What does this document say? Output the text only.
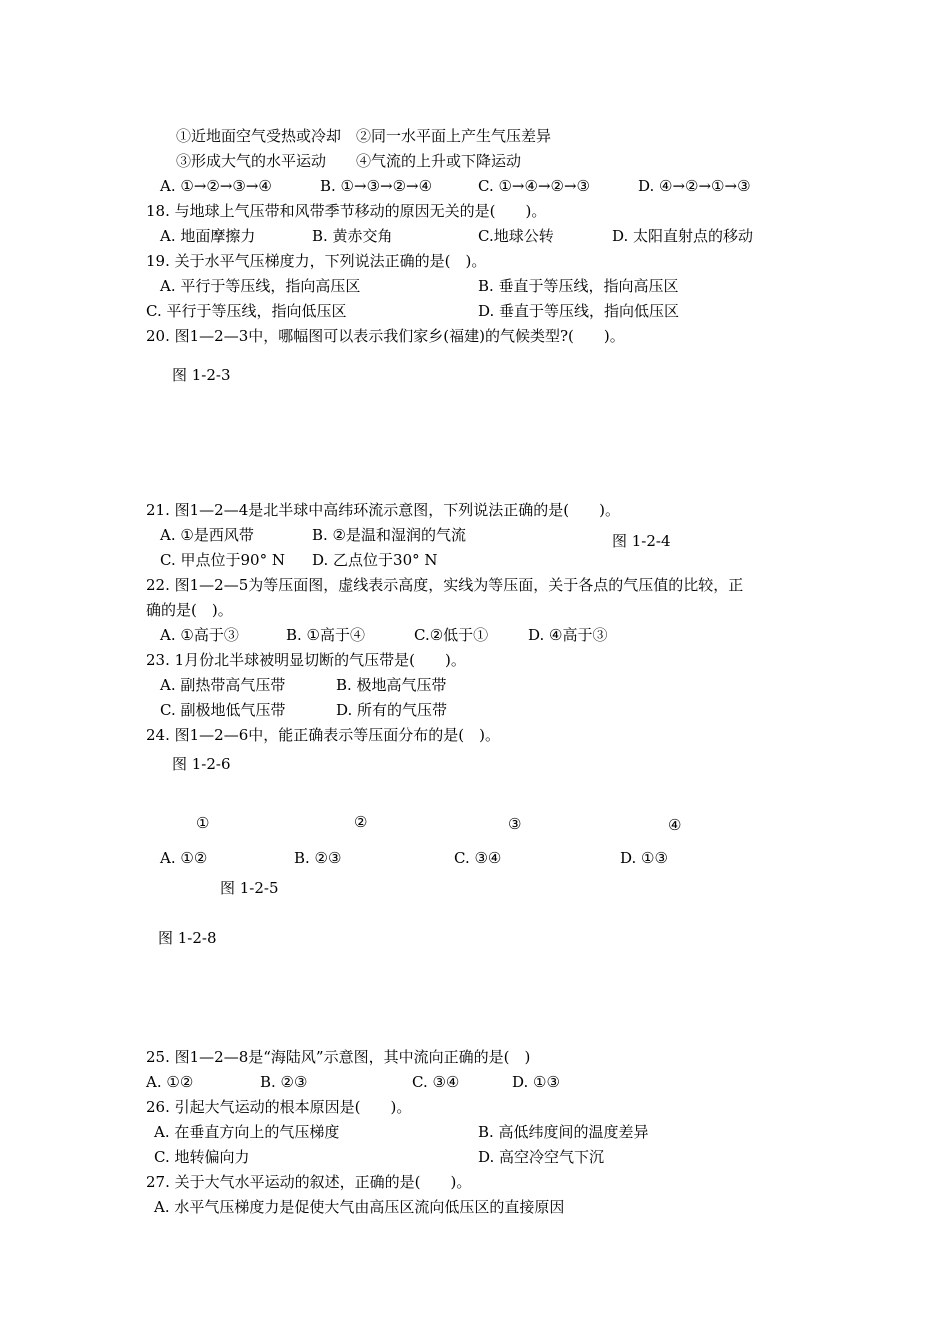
①近地面空气受热或冷却　②同一水平面上产生气压差异
③形成大气的水平运动　　④气流的上升或下降运动
A. ①→②→③→④	B. ①→③→②→④	C. ①→④→②→③	D. ④→②→①→③
18. 与地球上气压带和风带季节移动的原因无关的是(　　)。
A. 地面摩擦力	B. 黄赤交角	C.地球公转	D. 太阳直射点的移动
19. 关于水平气压梯度力，下列说法正确的是(　)。
A. 平行于等压线，指向高压区	B. 垂直于等压线，指向高压区
C. 平行于等压线，指向低压区	D. 垂直于等压线，指向低压区
20. 图1—2—3中，哪幅图可以表示我们家乡(福建)的气候类型?(　　)。
图 1-2-3
21. 图1—2—4是北半球中高纬环流示意图，下列说法正确的是(　　)。
A. ①是西风带	B. ②是温和湿润的气流	图 1-2-4
C. 甲点位于90° N D. 乙点位于30° N
22. 图1—2—5为等压面图，虚线表示高度，实线为等压面，关于各点的气压值的比较，正
确的是(　)。
A. ①高于③	B. ①高于④	C.②低于①	D. ④高于③
23. 1月份北半球被明显切断的气压带是(　　)。
A. 副热带高气压带	B. 极地高气压带
C. 副极地低气压带	D. 所有的气压带
24. 图1—2—6中，能正确表示等压面分布的是(　)。
图 1-2-6
①	②	③	④
A. ①②	B. ②③	C. ③④	D. ①③
图 1-2-5
图 1-2-8
25. 图1—2—8是“海陆风”示意图，其中流向正确的是(　)
A. ①②	B. ②③	C. ③④	D. ①③
26. 引起大气运动的根本原因是(　　)。
A. 在垂直方向上的气压梯度	B. 高低纬度间的温度差异
C. 地转偏向力	D. 高空冷空气下沉
27. 关于大气水平运动的叙述，正确的是(　　)。
A. 水平气压梯度力是促使大气由高压区流向低压区的直接原因
